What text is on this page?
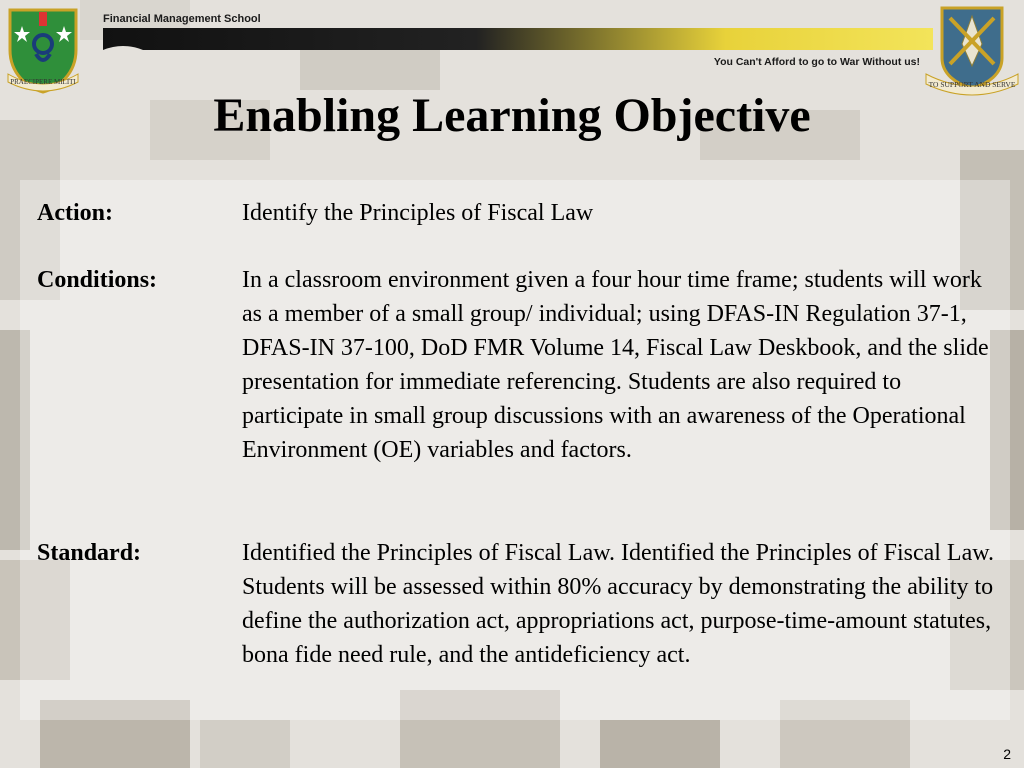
PRAECIPERE MILITI
Financial Management School
You Can't Afford to go to War Without us!
TO SUPPORT AND SERVE
Enabling Learning Objective
Action:	Identify the Principles of Fiscal Law
Conditions:	In a classroom environment given a four hour time frame; students will work as a member of a small group/ individual; using DFAS-IN Regulation 37-1, DFAS-IN 37-100, DoD FMR Volume 14, Fiscal Law Deskbook, and the slide presentation for immediate referencing. Students are also required to participate in small group discussions with an awareness of the Operational Environment (OE) variables and factors.
Standard:	Identified the Principles of Fiscal Law. Identified the Principles of Fiscal Law. Students will be assessed within 80% accuracy by demonstrating the ability to define the authorization act, appropriations act, purpose-time-amount statutes, bona fide need rule, and the antideficiency act.
2
